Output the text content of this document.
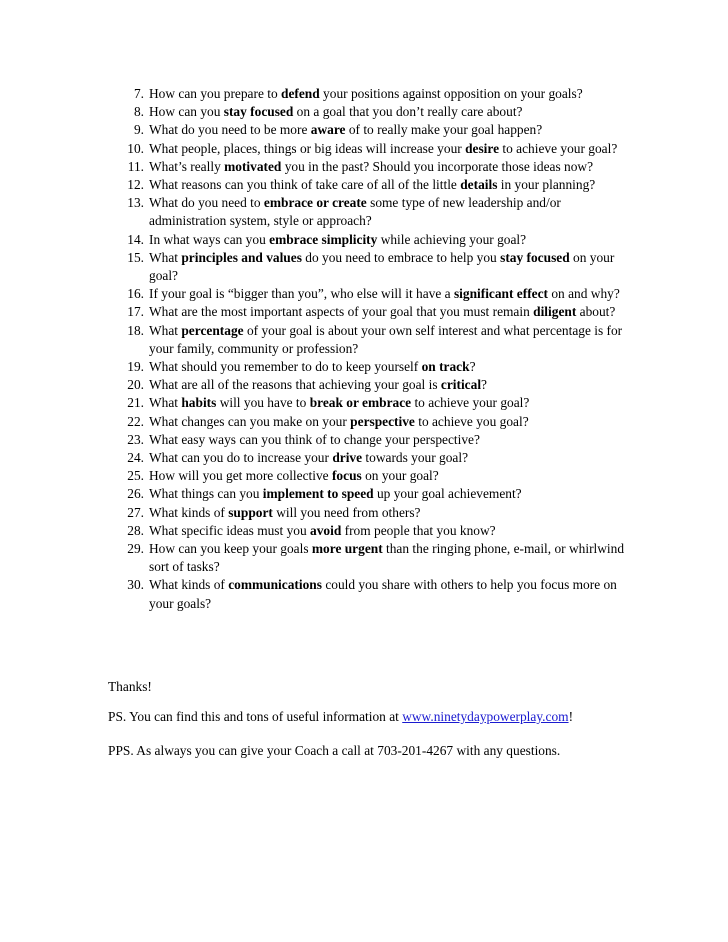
7. How can you prepare to defend your positions against opposition on your goals?
8. How can you stay focused on a goal that you don’t really care about?
9. What do you need to be more aware of to really make your goal happen?
10. What people, places, things or big ideas will increase your desire to achieve your goal?
11. What’s really motivated you in the past? Should you incorporate those ideas now?
12. What reasons can you think of take care of all of the little details in your planning?
13. What do you need to embrace or create some type of new leadership and/or administration system, style or approach?
14. In what ways can you embrace simplicity while achieving your goal?
15. What principles and values do you need to embrace to help you stay focused on your goal?
16. If your goal is “bigger than you”, who else will it have a significant effect on and why?
17. What are the most important aspects of your goal that you must remain diligent about?
18. What percentage of your goal is about your own self interest and what percentage is for your family, community or profession?
19. What should you remember to do to keep yourself on track?
20. What are all of the reasons that achieving your goal is critical?
21. What habits will you have to break or embrace to achieve your goal?
22. What changes can you make on your perspective to achieve you goal?
23. What easy ways can you think of to change your perspective?
24. What can you do to increase your drive towards your goal?
25. How will you get more collective focus on your goal?
26. What things can you implement to speed up your goal achievement?
27. What kinds of support will you need from others?
28. What specific ideas must you avoid from people that you know?
29. How can you keep your goals more urgent than the ringing phone, e-mail, or whirlwind sort of tasks?
30. What kinds of communications could you share with others to help you focus more on your goals?
Thanks!
PS. You can find this and tons of useful information at www.ninetydaypowerplay.com!
PPS. As always you can give your Coach a call at 703-201-4267 with any questions.
